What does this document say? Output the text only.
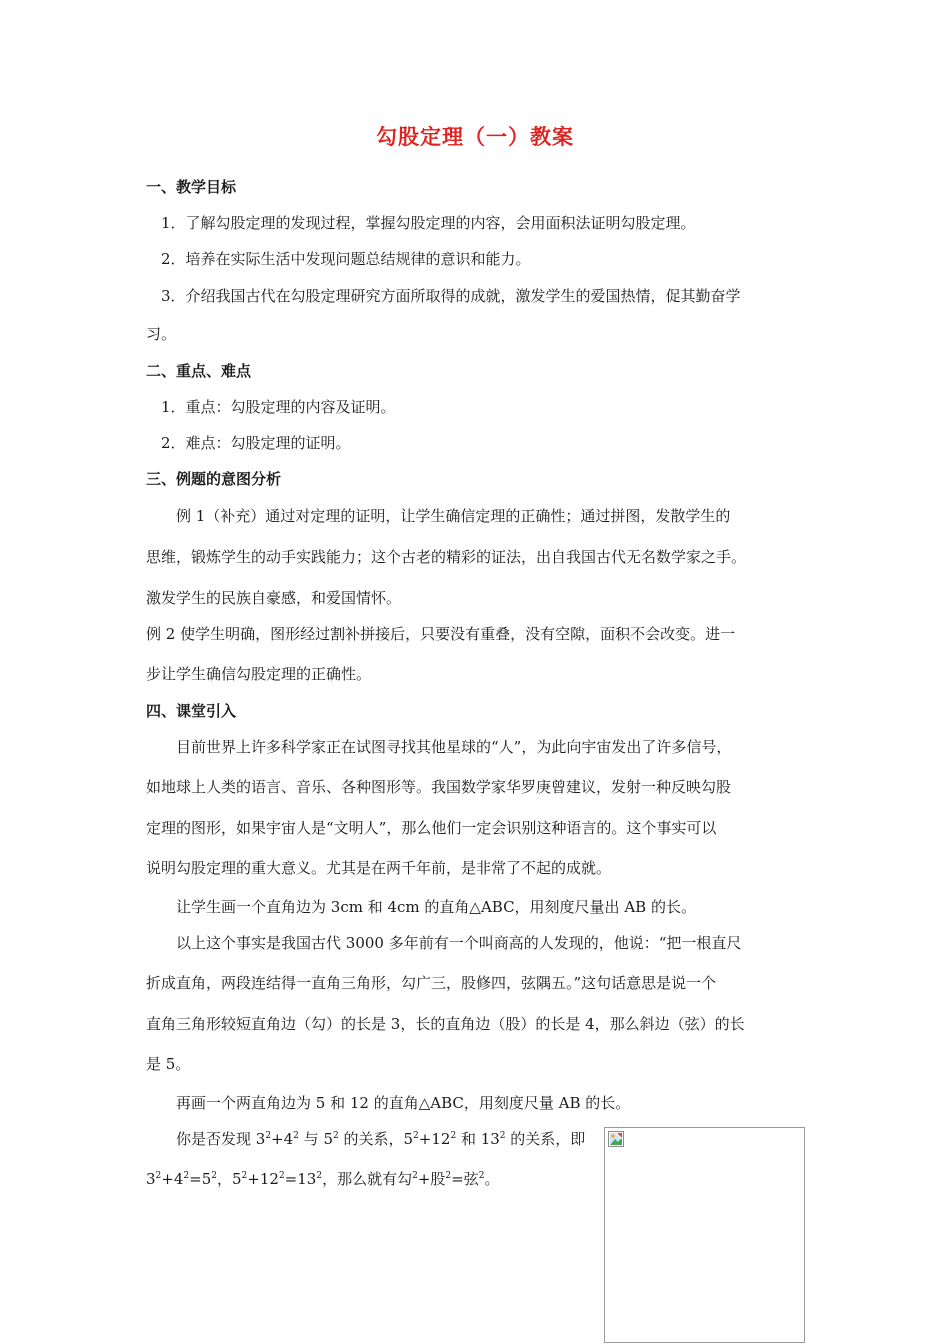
勾股定理（一）教案
一、教学目标
1．了解勾股定理的发现过程，掌握勾股定理的内容，会用面积法证明勾股定理。
2．培养在实际生活中发现问题总结规律的意识和能力。
3．介绍我国古代在勾股定理研究方面所取得的成就，激发学生的爱国热情，促其勤奋学
习。
二、重点、难点
1．重点：勾股定理的内容及证明。
2．难点：勾股定理的证明。
三、例题的意图分析
例 1（补充）通过对定理的证明，让学生确信定理的正确性；通过拼图，发散学生的
思维，锻炼学生的动手实践能力；这个古老的精彩的证法，出自我国古代无名数学家之手。
激发学生的民族自豪感，和爱国情怀。
例 2 使学生明确，图形经过割补拼接后，只要没有重叠，没有空隙，面积不会改变。进一
步让学生确信勾股定理的正确性。
四、课堂引入
目前世界上许多科学家正在试图寻找其他星球的“人”，为此向宇宙发出了许多信号，
如地球上人类的语言、音乐、各种图形等。我国数学家华罗庚曾建议，发射一种反映勾股
定理的图形，如果宇宙人是“文明人”，那么他们一定会识别这种语言的。这个事实可以
说明勾股定理的重大意义。尤其是在两千年前，是非常了不起的成就。
让学生画一个直角边为 3cm 和 4cm 的直角△ABC，用刻度尺量出 AB 的长。
以上这个事实是我国古代 3000 多年前有一个叫商高的人发现的，他说：“把一根直尺
折成直角，两段连结得一直角三角形，勾广三，股修四，弦隅五。”这句话意思是说一个
直角三角形较短直角边（勾）的长是 3，长的直角边（股）的长是 4，那么斜边（弦）的长
是 5。
再画一个两直角边为 5 和 12 的直角△ABC，用刻度尺量 AB 的长。
你是否发现 $3^2+4^2$ 与 $5^2$ 的关系，$5^2+12^2$ 和 $13^2$ 的关系，即
$3^2+4^2=5^2$，$5^2+12^2=13^2$，那么就有勾$^2$+股$^2$=弦$^2$。
